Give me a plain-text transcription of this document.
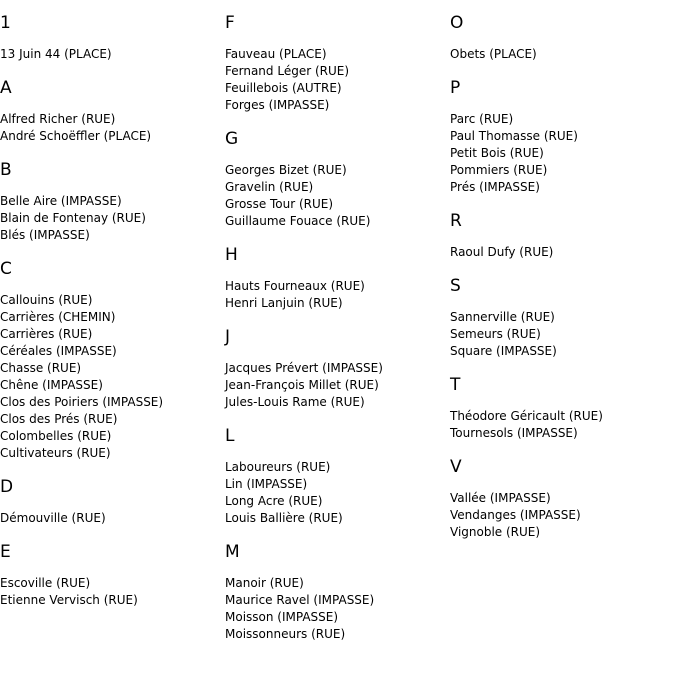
1
13 Juin 44 (PLACE)
A
Alfred Richer (RUE)
André Schoëffler (PLACE)
B
Belle Aire (IMPASSE)
Blain de Fontenay (RUE)
Blés (IMPASSE)
C
Callouins (RUE)
Carrières (CHEMIN)
Carrières (RUE)
Céréales (IMPASSE)
Chasse (RUE)
Chêne (IMPASSE)
Clos des Poiriers (IMPASSE)
Clos des Prés (RUE)
Colombelles (RUE)
Cultivateurs (RUE)
D
Démouville (RUE)
E
Escoville (RUE)
Etienne Vervisch (RUE)
F
Fauveau (PLACE)
Fernand Léger (RUE)
Feuillebois (AUTRE)
Forges (IMPASSE)
G
Georges Bizet (RUE)
Gravelin (RUE)
Grosse Tour (RUE)
Guillaume Fouace (RUE)
H
Hauts Fourneaux (RUE)
Henri Lanjuin (RUE)
J
Jacques Prévert (IMPASSE)
Jean-François Millet (RUE)
Jules-Louis Rame (RUE)
L
Laboureurs (RUE)
Lin (IMPASSE)
Long Acre (RUE)
Louis Ballière (RUE)
M
Manoir (RUE)
Maurice Ravel (IMPASSE)
Moisson (IMPASSE)
Moissonneurs (RUE)
O
Obets (PLACE)
P
Parc (RUE)
Paul Thomasse (RUE)
Petit Bois (RUE)
Pommiers (RUE)
Prés (IMPASSE)
R
Raoul Dufy (RUE)
S
Sannerville (RUE)
Semeurs (RUE)
Square (IMPASSE)
T
Théodore Géricault (RUE)
Tournesols (IMPASSE)
V
Vallée (IMPASSE)
Vendanges (IMPASSE)
Vignoble (RUE)
